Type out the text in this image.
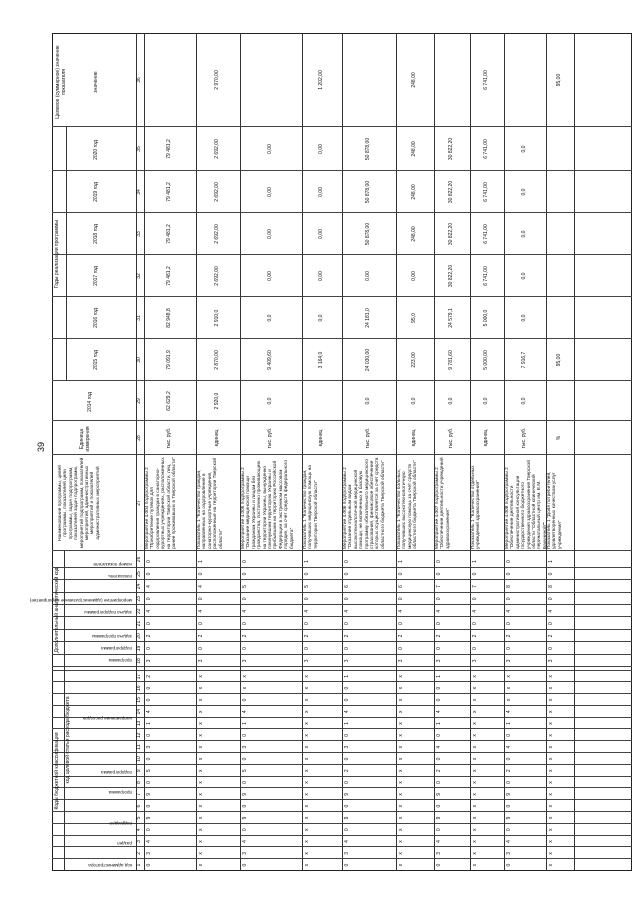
39
Коды бюджетной классификации
Дополнительный аналитический код
код целевой статьи расхода бюджета
Наименование программы, целей программы, показателей цели программы, задач подпрограмм, показателей задач подпрограмм, мероприятий подпрограмм, показателей мероприятий, административных мероприятий и показателей административных мероприятий
Единица измерения
2014 год
Годы реализации программы
2015 год
2016 год
2017 год
2018 год
2019 год
2020 год
Целевое (суммарное) значение показателя	значение
код администратора
раздел
подраздел
программа
подпрограмма
направление расходов
программа
подпрограмма
задача программы
задача подпрограммы
мероприятие (административное мероприятие)
показатель
номер показателя
1
2
3
4
5
6
7
8
9
10
11
12
13
14
15
16
17
18
19
20
21
22
23
24
25
26
27
28
29
30
31
32
33
34
35
36
0
3
4
0
9
0
9
0
5
0
3
0
1
4
0
0
2
3
0
2
0
4
0
4
0
0
Мероприятие 4.004 подпрограммы 2 "Приобретение путевок для оздоровления граждан в санаторно-курортных учреждениях, расположенных на территории Тверской области, лиц, ранее проживавших в Тверской области"
тыс. руб.
62 629,2
79 091,9
82 948,8
79 481,2
79 481,2
79 481,2
79 481,2
x
x
x
x
x
x
x
x
x
x
x
x
x
x
x
x
x
3
0
2
0
4
0
4
0
1
Показатель 1 "Количество граждан, направленных на оздоровление в санаторно-курортные учреждения, расположенные на территории Тверской области"
единиц
2 920,0
2 870,00
2 910,0
2 692,00
2 692,00
2 692,00
2 692,00
2 970,00
0
3
4
0
9
0
9
0
5
0
3
0
1
4
0
x
x
3
0
2
0
4
0
5
0
0
Мероприятие 4.005 подпрограммы 2 "Оказание медицинской помощи гражданам Украины и лицам без гражданства, постоянно проживающим на территории Украины, вынужденно покинувшим территорию Украины и прибывшим на территорию Российской Федерации в экстренном массовом порядке, за счет средств федерального бюджета"
тыс. руб.
0,0
9 409,60
0,0
0,00
0,00
0,00
0,00
x
x
x
x
x
x
x
x
x
x
x
x
x
x
x
x
x
3
0
2
0
4
0
5
0
1
Показатель 1 "Количество граждан, получивших медицинскую помощь на территории Тверской области"
единиц
3 164,0
0,0
0,00
0,00
0,00
0,00
1 202,00
0
3
4
0
9
0
9
0
2
0
3
0
1
4
0
0
1
3
0
2
0
4
0
6
0
0
Мероприятие 4.006 подпрограммы 2 "Оказание отдельным видам высокотехнологичной медицинской помощи, не включенных в базовую программу обязательного медицинского страхования, финансовое обеспечение которых осуществляется за счет средств областного бюджета Тверской области"
тыс. руб.
0,0
24 030,00
24 181,0
0,00
50 878,00
50 878,00
50 878,00
x
x
x
x
x
x
x
x
x
x
x
x
x
x
x
x
x
3
0
2
0
4
0
6
0
1
Показатель 1 "Количество больных, получивших высокотехнологичную медицинскую помощь за счет средств областного бюджета Тверской области"
единиц
0,0
223,00
95,0
0,00
248,00
248,00
248,00
248,00
0
3
4
0
9
0
9
0
2
0
4
0
1
4
0
0
1
3
0
2
0
4
0
7
0
0
Мероприятие 4.007 подпрограммы 2 "Обеспечение деятельности учреждений здравоохранения"
тыс. руб.
0,0
9 781,60
24 579,1
30 822,20
30 822,20
30 822,20
30 822,20
x
x
x
x
x
x
x
x
x
x
x
x
x
x
x
x
x
3
0
2
0
4
0
7
0
1
Показатель 1 "Количество отдельных учреждений здравоохранения"
единиц
0,0
5 000,00
5 000,0
6 741,00
6 741,00
6 741,00
6 741,00
6 741,00
0
3
4
0
9
0
9
0
2
0
4
0
1
4
x
x
x
3
0
2
0
4
0
8
0
0
Мероприятие 4.008 подпрограммы 2 "Обеспечение деятельности административной консультации государственного бюджетного учреждения здравоохранения Тверской области "Областной клинический перинатальный центр им. Е.М. Бакуниной""
тыс. руб.
0,0
7 916,7
0,0
0,0
0,0
0,0
0,0
x
x
x
x
x
x
x
x
x
x
x
x
x
x
x
x
x
3
0
2
0
4
0
8
0
1
Показатель 1 "Доля потребителей, удовлетворенных качеством услуг учреждения"
%
95,00
95,00
